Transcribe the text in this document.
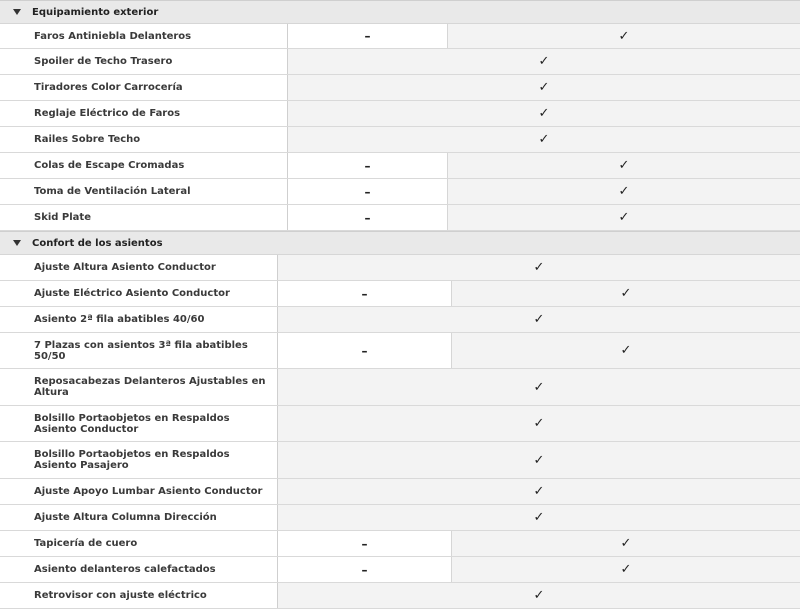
Equipamiento exterior
Faros Antiniebla Delanteros	–	✓
Spoiler de Techo Trasero	✓
Tiradores Color Carrocería	✓
Reglaje Eléctrico de Faros	✓
Railes Sobre Techo	✓
Colas de Escape Cromadas	–	✓
Toma de Ventilación Lateral	–	✓
Skid Plate	–	✓
Confort de los asientos
Ajuste Altura Asiento Conductor	✓
Ajuste Eléctrico Asiento Conductor	–	✓
Asiento 2ª fila abatibles 40/60	✓
7 Plazas con asientos 3ª fila abatibles 50/50	–	✓
Reposacabezas Delanteros Ajustables en Altura	✓
Bolsillo Portaobjetos en Respaldos Asiento Conductor	✓
Bolsillo Portaobjetos en Respaldos Asiento Pasajero	✓
Ajuste Apoyo Lumbar Asiento Conductor	✓
Ajuste Altura Columna Dirección	✓
Tapicería de cuero	–	✓
Asiento delanteros calefactados	–	✓
Retrovisor con ajuste eléctrico	✓
